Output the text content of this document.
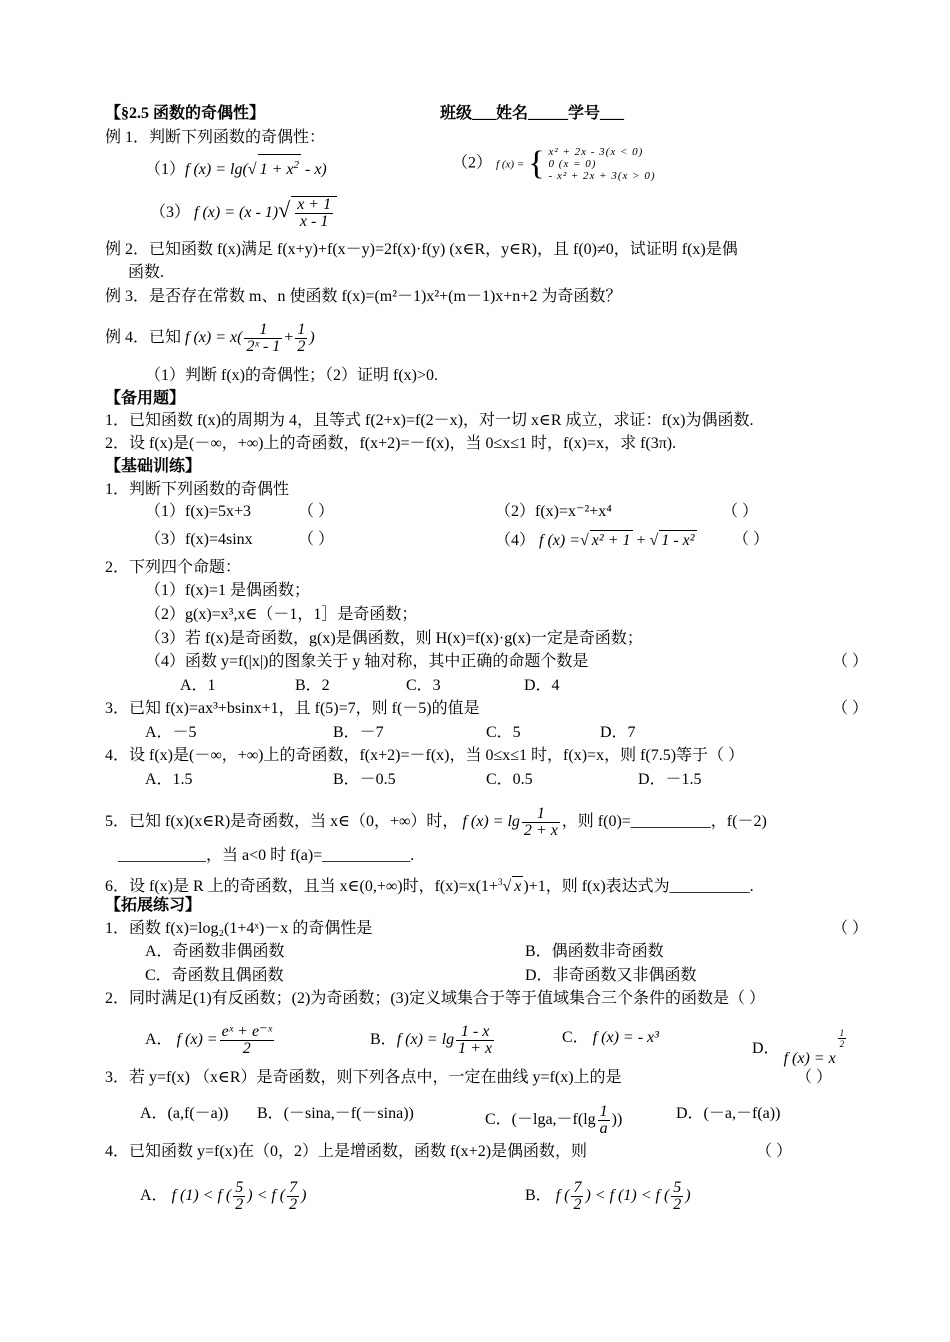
【§2.5 函数的奇偶性】	班级___姓名_____学号___
例 1．判断下列函数的奇偶性：
（1）f (x) = lg(√ $1 + x^2 - x$)	（2） f (x) = { x² + 2x - 3(x < 0)
0 (x = 0)
- x² + 2x + 3(x > 0)
（3） f $(x) = (x - 1)√ \frac{x + 1}{x - 1}$
例 2．已知函数 f(x)满足 f(x+y)+f(x－y)=2f(x)·f(y) (x∈R，y∈R)，且 f(0)≠0，试证明 f(x)是偶
函数.
例 3．是否存在常数 m、n 使函数 f(x)=(m²－1)x²+(m－1)x+n+2 为奇函数？
例 4．已知 f $(x) = x( \frac{1}{\text{2ˣ - 1}} + \frac{1}{2}$ )
（1）判断 f(x)的奇偶性；（2）证明 f(x)>0.
【备用题】
1．已知函数 f(x)的周期为 4，且等式 f(2+x)=f(2－x)，对一切 x∈R 成立，求证：f(x)为偶函数.
2．设 f(x)是(－∞，+∞)上的奇函数，f(x+2)=－f(x)，当 0≤x≤1 时，f(x)=x，求 f(3π).
【基础训练】
1．判断下列函数的奇偶性
（1）f(x)=5x+3	（ ）	（2）f(x)=x⁻²+x⁴	（ ）
（3）f(x)=4sinx	（ ）	（4） f (x) =√ x² + 1 + √ 1 - x² （ ）
2．下列四个命题：
（1）f(x)=1 是偶函数；
（2）g(x)=x³,x∈（－1，1］是奇函数；
（3）若 f(x)是奇函数，g(x)是偶函数，则 H(x)=f(x)·g(x)一定是奇函数；
（4）函数 y=f(|x|)的图象关于 y 轴对称，其中正确的命题个数是	（ ）
A．1	B．2	C．3	D．4
3．已知 f(x)=ax³+bsinx+1，且 f(5)=7，则 f(－5)的值是	（ ）
A．－5	B．－7	C．5	D．7
4．设 f(x)是(－∞，+∞)上的奇函数，f(x+2)=－f(x)，当 0≤x≤1 时，f(x)=x，则 f(7.5)等于（ ）
A．1.5	B．－0.5	C．0.5	D．－1.5
5．已知 f(x)(x∈R)是奇函数，当 x∈（0，+∞）时， f $(x) = \lg \frac{1}{2 + x}$ ，则 f(0)=__________，f(－2)
___________，当 a<0 时 f(a)=___________.
6．设 f(x)是 R 上的奇函数，且当 x∈(0,+∞)时，f(x)=x(1+$^3$√ x )+1，则 f(x)表达式为__________.
【拓展练习】
1．函数 f(x)=log₂(1+4ˣ)－x 的奇偶性是	（ ）
A．奇函数非偶函数	B．偶函数非奇函数
C．奇函数且偶函数	D．非奇函数又非偶函数
2．同时满足(1)有反函数；(2)为奇函数；(3)定义域集合于等于值域集合三个条件的函数是（ ）
A． f $(x) = \frac{\text{eˣ + e⁻ˣ}}{2}$	B．f $(x) = \lg \frac{1 - x}{1 + x}$	C． f (x) = - x³
D． f (x) = x
$\frac{1}{2}$
3．若 y=f(x) （x∈R）是奇函数，则下列各点中，一定在曲线 y=f(x)上的是	（ ）
A．(a,f(－a)) B．(－sina,－f(－sina))	C．($-\lg a,-f(\lg \frac{1}{a}$ ))	D．(－a,－f(a))
4．已知函数 y=f(x)在（0，2）上是增函数，函数 f(x+2)是偶函数，则	（ ）
A． f (1) < f ( $\frac{5}{2}$ ) < f ( $\frac{7}{2}$ )	B． f ( $\frac{7}{2}$ ) < f (1) < f ( $\frac{5}{2}$ )
